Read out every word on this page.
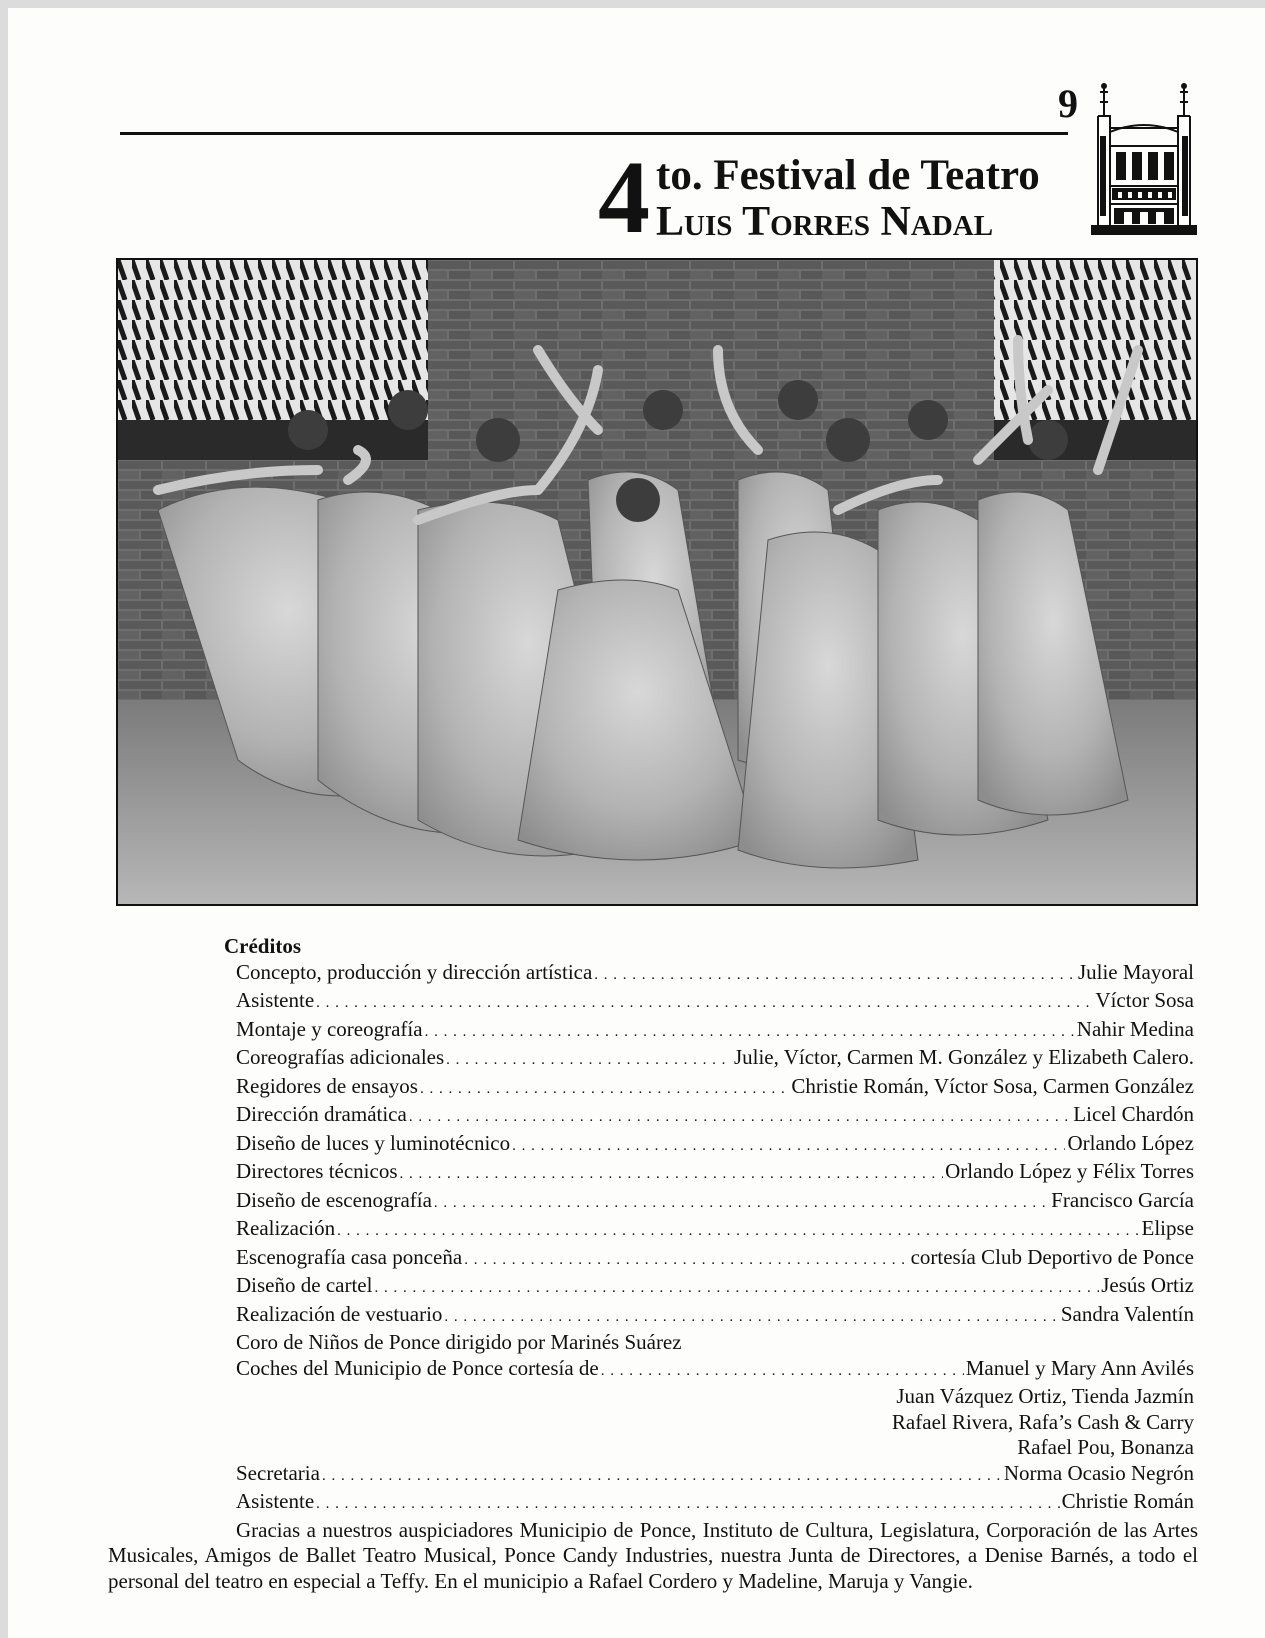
9
4 to. Festival de Teatro
Luis Torres Nadal
Créditos
Concepto, producción y dirección artística . . .	Julie Mayoral
Asistente . . .	Víctor Sosa
Montaje y coreografía . . .	Nahir Medina
Coreografías adicionales . . .	Julie, Víctor, Carmen M. González y Elizabeth Calero.
Regidores de ensayos . . .	Christie Román, Víctor Sosa, Carmen González
Dirección dramática . . .	Licel Chardón
Diseño de luces y luminotécnico . . .	Orlando López
Directores técnicos . . .	Orlando López y Félix Torres
Diseño de escenografía . . .	Francisco García
Realización . . .	Elipse
Escenografía casa ponceña . . .	cortesía Club Deportivo de Ponce
Diseño de cartel . . .	Jesús Ortiz
Realización de vestuario . . .	Sandra Valentín
Coro de Niños de Ponce dirigido por Marinés Suárez
Coches del Municipio de Ponce cortesía de . . .	Manuel y Mary Ann Avilés
Juan Vázquez Ortiz, Tienda Jazmín
Rafael Rivera, Rafa’s Cash & Carry
Rafael Pou, Bonanza
Secretaria . . .	Norma Ocasio Negrón
Asistente . . .	Christie Román
Gracias a nuestros auspiciadores Municipio de Ponce, Instituto de Cultura, Legislatura, Corporación de las Artes Musicales, Amigos de Ballet Teatro Musical, Ponce Candy Industries, nuestra Junta de Directores, a Denise Barnés, a todo el personal del teatro en especial a Teffy. En el municipio a Rafael Cordero y Madeline, Maruja y Vangie.
